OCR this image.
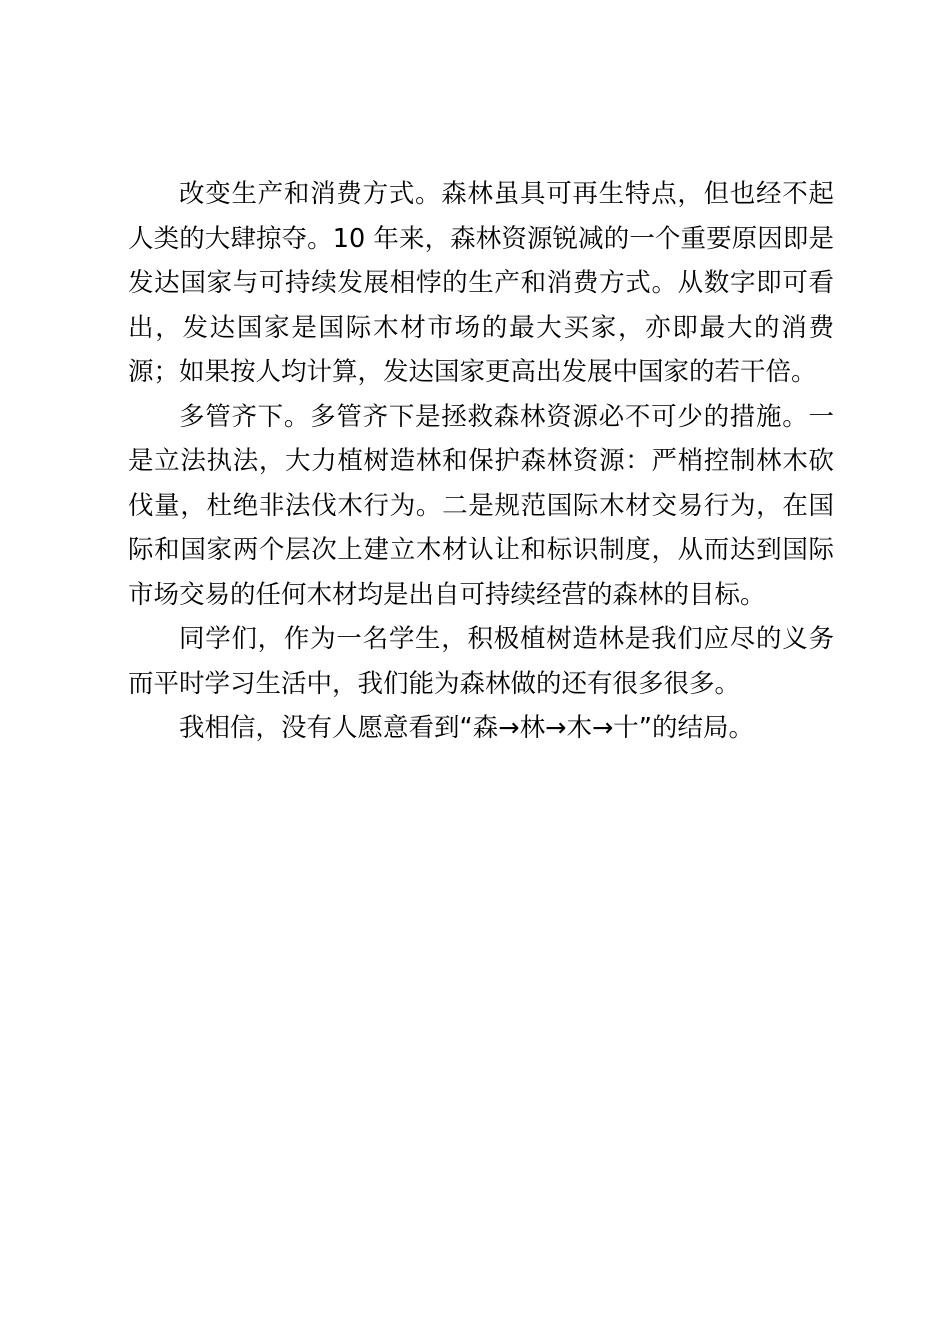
改变生产和消费方式。森林虽具可再生特点，但也经不起人类的大肆掠夺。10 年来，森林资源锐减的一个重要原因即是发达国家与可持续发展相悖的生产和消费方式。从数字即可看出，发达国家是国际木材市场的最大买家，亦即最大的消费源；如果按人均计算，发达国家更高出发展中国家的若干倍。

多管齐下。多管齐下是拯救森林资源必不可少的措施。一是立法执法，大力植树造林和保护森林资源：严梢控制林木砍伐量，杜绝非法伐木行为。二是规范国际木材交易行为，在国际和国家两个层次上建立木材认让和标识制度，从而达到国际市场交易的任何木材均是出自可持续经营的森林的目标。

同学们，作为一名学生，积极植树造林是我们应尽的义务而平时学习生活中，我们能为森林做的还有很多很多。

我相信，没有人愿意看到“森→林→木→十”的结局。
